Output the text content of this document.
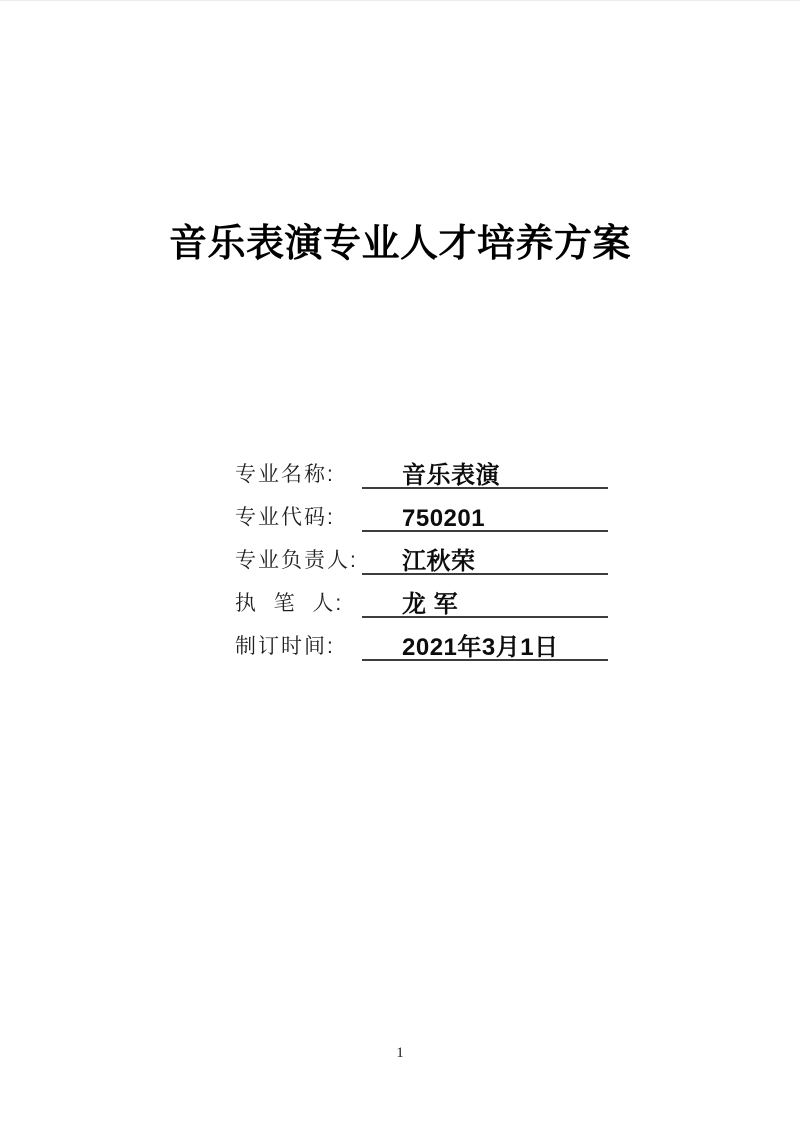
音乐表演专业人才培养方案
专业名称:	音乐表演
专业代码:	750201
专业负责人: 江秋荣
执  笔  人:	龙 军
制订时间:	2021年3月1日
1
